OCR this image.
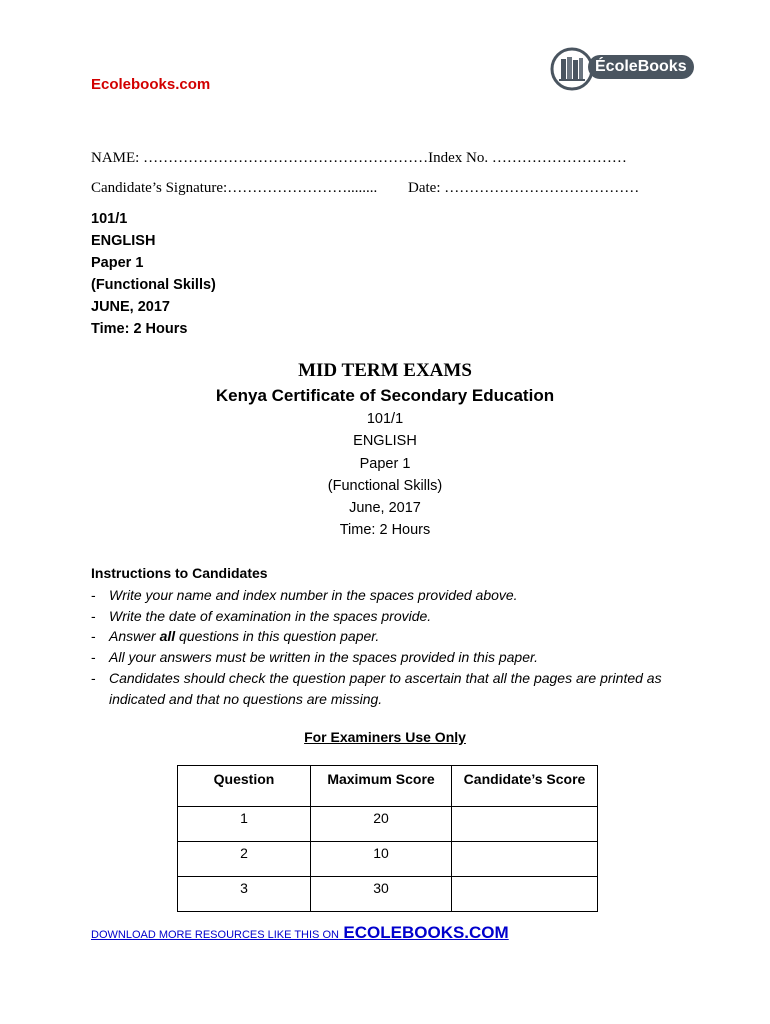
Ecolebooks.com
ÉcoleBooks
NAME: …………………………………………………Index No. ………………………
Candidate’s Signature:……………………........ Date: …………………………………
101/1
ENGLISH
Paper 1
(Functional Skills)
JUNE, 2017
Time: 2 Hours
MID TERM EXAMS
Kenya Certificate of Secondary Education
101/1
ENGLISH
Paper 1
(Functional Skills)
June, 2017
Time: 2 Hours
Instructions to Candidates
- Write your name and index number in the spaces provided above.
- Write the date of examination in the spaces provide.
- Answer all questions in this question paper.
- All your answers must be written in the spaces provided in this paper.
- Candidates should check the question paper to ascertain that all the pages are printed as indicated and that no questions are missing.
For Examiners Use Only
Question	Maximum Score	Candidate’s Score
1	20	
2	10	
3	30	
DOWNLOAD MORE RESOURCES LIKE THIS ON ECOLEBOOKS.COM
